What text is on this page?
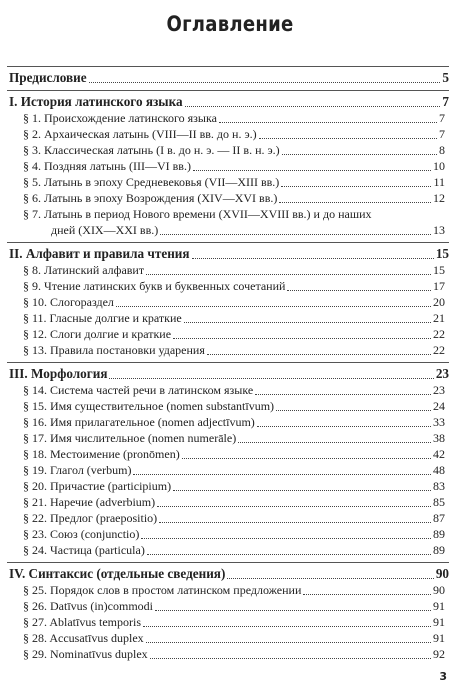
Оглавление
Предисловие	5
I. История латинского языка	7
§ 1. Происхождение латинского языка	7
§ 2. Архаическая латынь (VIII—II вв. до н. э.)	7
§ 3. Классическая латынь (I в. до н. э. — II в. н. э.)	8
§ 4. Поздняя латынь (III—VI вв.)	10
§ 5. Латынь в эпоху Средневековья (VII—XIII вв.)	11
§ 6. Латынь в эпоху Возрождения (XIV—XVI вв.)	12
§ 7. Латынь в период Нового времени (XVII—XVIII вв.) и до наших
дней (XIX—XXI вв.)	13
II. Алфавит и правила чтения	15
§ 8. Латинский алфавит	15
§ 9. Чтение латинских букв и буквенных сочетаний	17
§ 10. Слогораздел	20
§ 11. Гласные долгие и краткие	21
§ 12. Слоги долгие и краткие	22
§ 13. Правила постановки ударения	22
III. Морфология	23
§ 14. Система частей речи в латинском языке	23
§ 15. Имя существительное (nomen substantīvum)	24
§ 16. Имя прилагательное (nomen adjectīvum)	33
§ 17. Имя числительное (nomen numerāle)	38
§ 18. Местоимение (pronōmen)	42
§ 19. Глагол (verbum)	48
§ 20. Причастие (participium)	83
§ 21. Наречие (adverbium)	85
§ 22. Предлог (praepositio)	87
§ 23. Союз (conjunctio)	89
§ 24. Частица (particula)	89
IV. Синтаксис (отдельные сведения)	90
§ 25. Порядок слов в простом латинском предложении	90
§ 26. Datīvus (in)commodi	91
§ 27. Ablatīvus temporis	91
§ 28. Accusatīvus duplex	91
§ 29. Nominatīvus duplex	92
3
